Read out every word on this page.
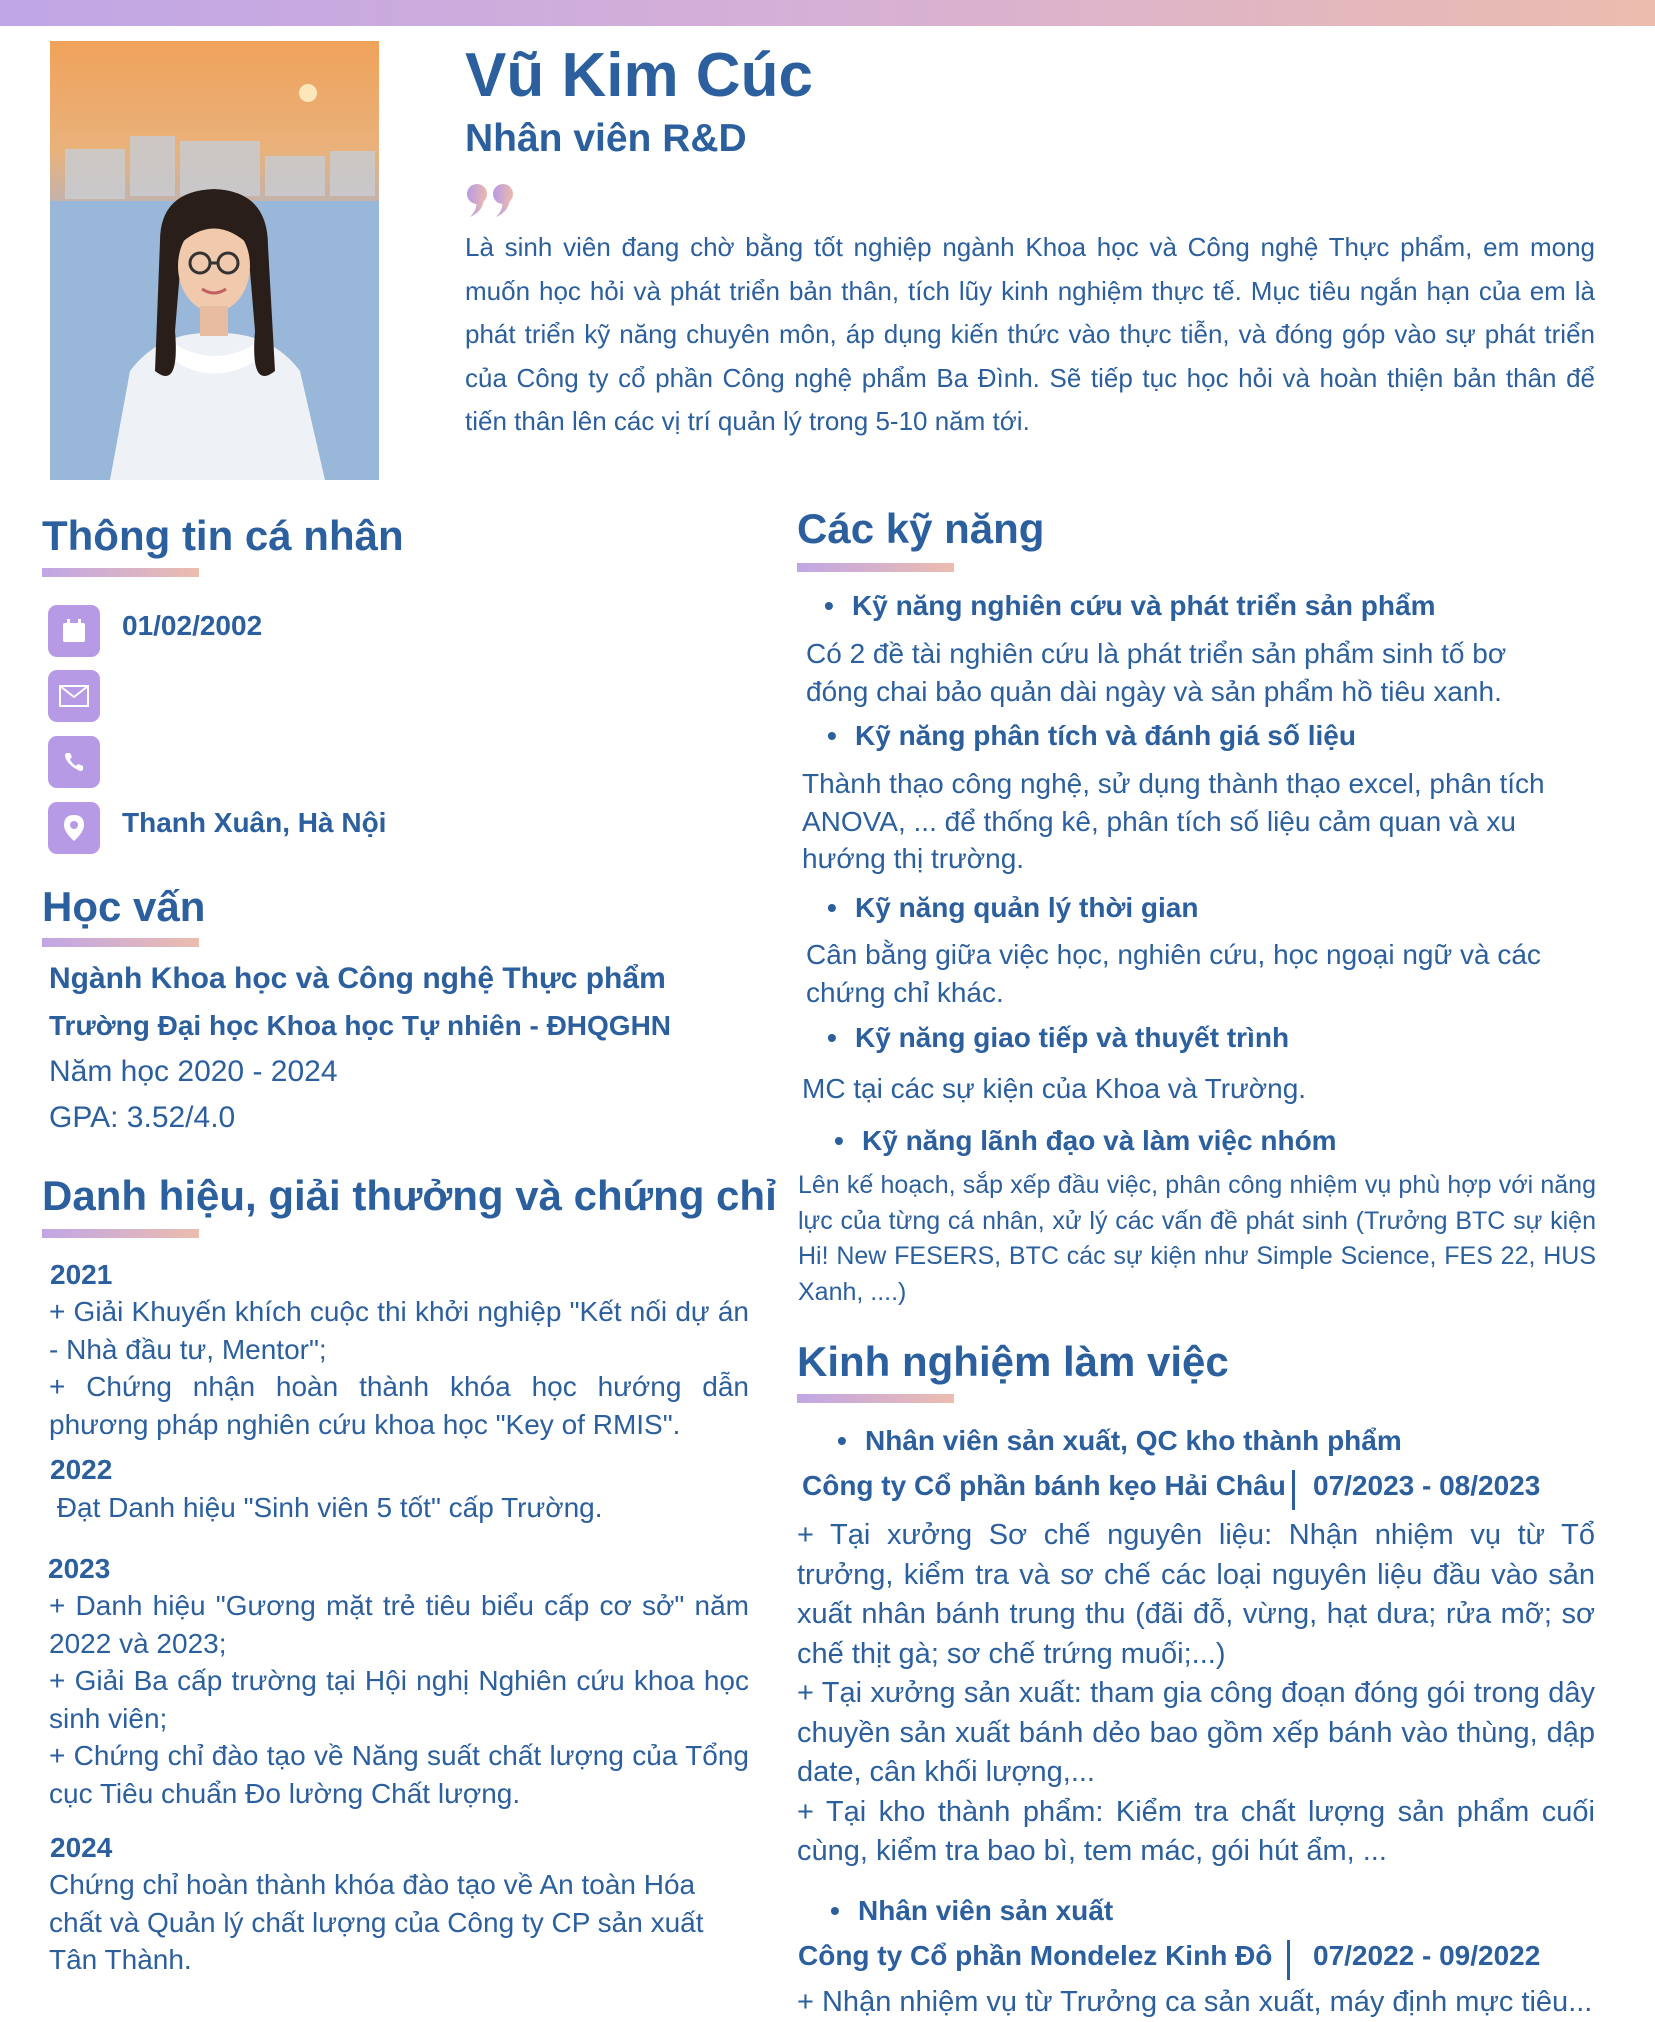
Vũ Kim Cúc
Nhân viên R&D
Là sinh viên đang chờ bằng tốt nghiệp ngành Khoa học và Công nghệ Thực phẩm, em mong muốn học hỏi và phát triển bản thân, tích lũy kinh nghiệm thực tế. Mục tiêu ngắn hạn của em là phát triển kỹ năng chuyên môn, áp dụng kiến thức vào thực tiễn, và đóng góp vào sự phát triển của Công ty cổ phần Công nghệ phẩm Ba Đình. Sẽ tiếp tục học hỏi và hoàn thiện bản thân để tiến thân lên các vị trí quản lý trong 5-10 năm tới.
Thông tin cá nhân
01/02/2002
Thanh Xuân, Hà Nội
Học vấn
Ngành Khoa học và Công nghệ Thực phẩm
Trường Đại học Khoa học Tự nhiên - ĐHQGHN
Năm học 2020 - 2024
GPA: 3.52/4.0
Danh hiệu, giải thưởng và chứng chỉ
2021
+ Giải Khuyến khích cuộc thi khởi nghiệp "Kết nối dự án - Nhà đầu tư, Mentor";
+ Chứng nhận hoàn thành khóa học hướng dẫn phương pháp nghiên cứu khoa học "Key of RMIS".
2022
Đạt Danh hiệu "Sinh viên 5 tốt" cấp Trường.
2023
+ Danh hiệu "Gương mặt trẻ tiêu biểu cấp cơ sở" năm 2022 và 2023;
+ Giải Ba cấp trường tại Hội nghị Nghiên cứu khoa học sinh viên;
+ Chứng chỉ đào tạo về Năng suất chất lượng của Tổng cục Tiêu chuẩn Đo lường Chất lượng.
2024
Chứng chỉ hoàn thành khóa đào tạo về An toàn Hóa chất và Quản lý chất lượng của Công ty CP sản xuất Tân Thành.
Các kỹ năng
• Kỹ năng nghiên cứu và phát triển sản phẩm
Có 2 đề tài nghiên cứu là phát triển sản phẩm sinh tố bơ đóng chai bảo quản dài ngày và sản phẩm hồ tiêu xanh.
• Kỹ năng phân tích và đánh giá số liệu
Thành thạo công nghệ, sử dụng thành thạo excel, phân tích ANOVA, ... để thống kê, phân tích số liệu cảm quan và xu hướng thị trường.
• Kỹ năng quản lý thời gian
Cân bằng giữa việc học, nghiên cứu, học ngoại ngữ và các chứng chỉ khác.
• Kỹ năng giao tiếp và thuyết trình
MC tại các sự kiện của Khoa và Trường.
• Kỹ năng lãnh đạo và làm việc nhóm
Lên kế hoạch, sắp xếp đầu việc, phân công nhiệm vụ phù hợp với năng lực của từng cá nhân, xử lý các vấn đề phát sinh (Trưởng BTC sự kiện Hi! New FESERS, BTC các sự kiện như Simple Science, FES 22, HUS Xanh, ....)
Kinh nghiệm làm việc
• Nhân viên sản xuất, QC kho thành phẩm
Công ty Cổ phần bánh kẹo Hải Châu 07/2023 - 08/2023
+ Tại xưởng Sơ chế nguyên liệu: Nhận nhiệm vụ từ Tổ trưởng, kiểm tra và sơ chế các loại nguyên liệu đầu vào sản xuất nhân bánh trung thu (đãi đỗ, vừng, hạt dưa; rửa mỡ; sơ chế thịt gà; sơ chế trứng muối;...)
+ Tại xưởng sản xuất: tham gia công đoạn đóng gói trong dây chuyền sản xuất bánh dẻo bao gồm xếp bánh vào thùng, dập date, cân khối lượng,...
+ Tại kho thành phẩm: Kiểm tra chất lượng sản phẩm cuối cùng, kiểm tra bao bì, tem mác, gói hút ẩm, ...
• Nhân viên sản xuất
Công ty Cổ phần Mondelez Kinh Đô 07/2022 - 09/2022
+ Nhận nhiệm vụ từ Trưởng ca sản xuất, máy định mực tiêu...
